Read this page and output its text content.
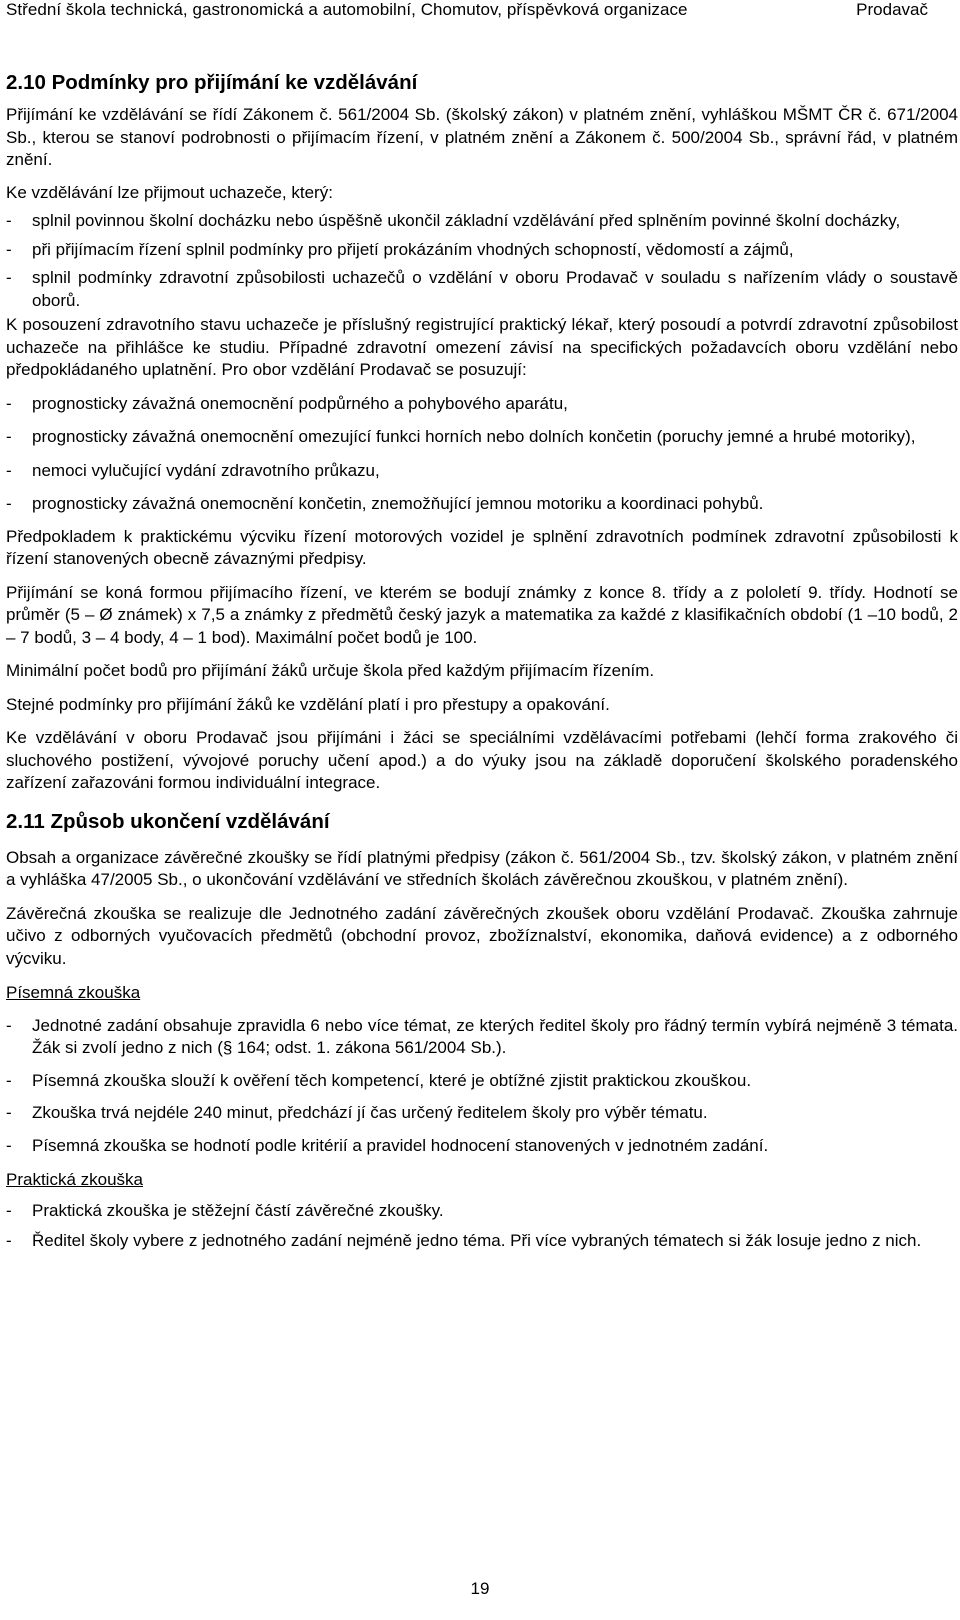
Střední škola technická, gastronomická a automobilní, Chomutov, příspěvková organizace	Prodavač
2.10 Podmínky pro přijímání ke vzdělávání

Přijímání ke vzdělávání se řídí Zákonem č. 561/2004 Sb. (školský zákon) v platném znění, vyhláškou MŠMT ČR č. 671/2004 Sb., kterou se stanoví podrobnosti o přijímacím řízení, v platném znění a Zákonem č. 500/2004 Sb., správní řád, v platném znění.

Ke vzdělávání lze přijmout uchazeče, který:

- splnil povinnou školní docházku nebo úspěšně ukončil základní vzdělávání před splněním povinné školní docházky,
- při přijímacím řízení splnil podmínky pro přijetí prokázáním vhodných schopností, vědomostí a zájmů,
- splnil podmínky zdravotní způsobilosti uchazečů o vzdělání v oboru Prodavač v souladu s nařízením vlády o soustavě oborů.

K posouzení zdravotního stavu uchazeče je příslušný registrující praktický lékař, který posoudí a potvrdí zdravotní způsobilost uchazeče na přihlášce ke studiu. Případné zdravotní omezení závisí na specifických požadavcích oboru vzdělání nebo předpokládaného uplatnění. Pro obor vzdělání Prodavač se posuzují:

- prognosticky závažná onemocnění podpůrného a pohybového aparátu,
- prognosticky závažná onemocnění omezující funkci horních nebo dolních končetin (poruchy jemné a hrubé motoriky),
- nemoci vylučující vydání zdravotního průkazu,
- prognosticky závažná onemocnění končetin, znemožňující jemnou motoriku a koordinaci pohybů.

Předpokladem k praktickému výcviku řízení motorových vozidel je splnění zdravotních podmínek zdravotní způsobilosti k řízení stanovených obecně závaznými předpisy.

Přijímání se koná formou přijímacího řízení, ve kterém se bodují známky z konce 8. třídy a z pololetí 9. třídy. Hodnotí se průměr (5 – Ø známek) x 7,5 a známky z předmětů český jazyk a matematika za každé z klasifikačních období (1 –10 bodů, 2 – 7 bodů, 3 – 4 body, 4 – 1 bod). Maximální počet bodů je 100.

Minimální počet bodů pro přijímání žáků určuje škola před každým přijímacím řízením.

Stejné podmínky pro přijímání žáků ke vzdělání platí i pro přestupy a opakování.

Ke vzdělávání v oboru Prodavač jsou přijímáni i žáci se speciálními vzdělávacími potřebami (lehčí forma zrakového či sluchového postižení, vývojové poruchy učení apod.) a do výuky jsou na základě doporučení školského poradenského zařízení zařazováni formou individuální integrace.

2.11 Způsob ukončení vzdělávání

Obsah a organizace závěrečné zkoušky se řídí platnými předpisy (zákon č. 561/2004 Sb., tzv. školský zákon, v platném znění a vyhláška 47/2005 Sb., o ukončování vzdělávání ve středních školách závěrečnou zkouškou, v platném znění).

Závěrečná zkouška se realizuje dle Jednotného zadání závěrečných zkoušek oboru vzdělání Prodavač. Zkouška zahrnuje učivo z odborných vyučovacích předmětů (obchodní provoz, zbožíznalství, ekonomika, daňová evidence) a z odborného výcviku.

Písemná zkouška

- Jednotné zadání obsahuje zpravidla 6 nebo více témat, ze kterých ředitel školy pro řádný termín vybírá nejméně 3 témata. Žák si zvolí jedno z nich (§ 164; odst. 1. zákona 561/2004 Sb.).
- Písemná zkouška slouží k ověření těch kompetencí, které je obtížné zjistit praktickou zkouškou.
- Zkouška trvá nejdéle 240 minut, předchází jí čas určený ředitelem školy pro výběr tématu.
- Písemná zkouška se hodnotí podle kritérií a pravidel hodnocení stanovených v jednotném zadání.

Praktická zkouška

- Praktická zkouška je stěžejní částí závěrečné zkoušky.
- Ředitel školy vybere z jednotného zadání nejméně jedno téma. Při více vybraných tématech si žák losuje jedno z nich.
19
